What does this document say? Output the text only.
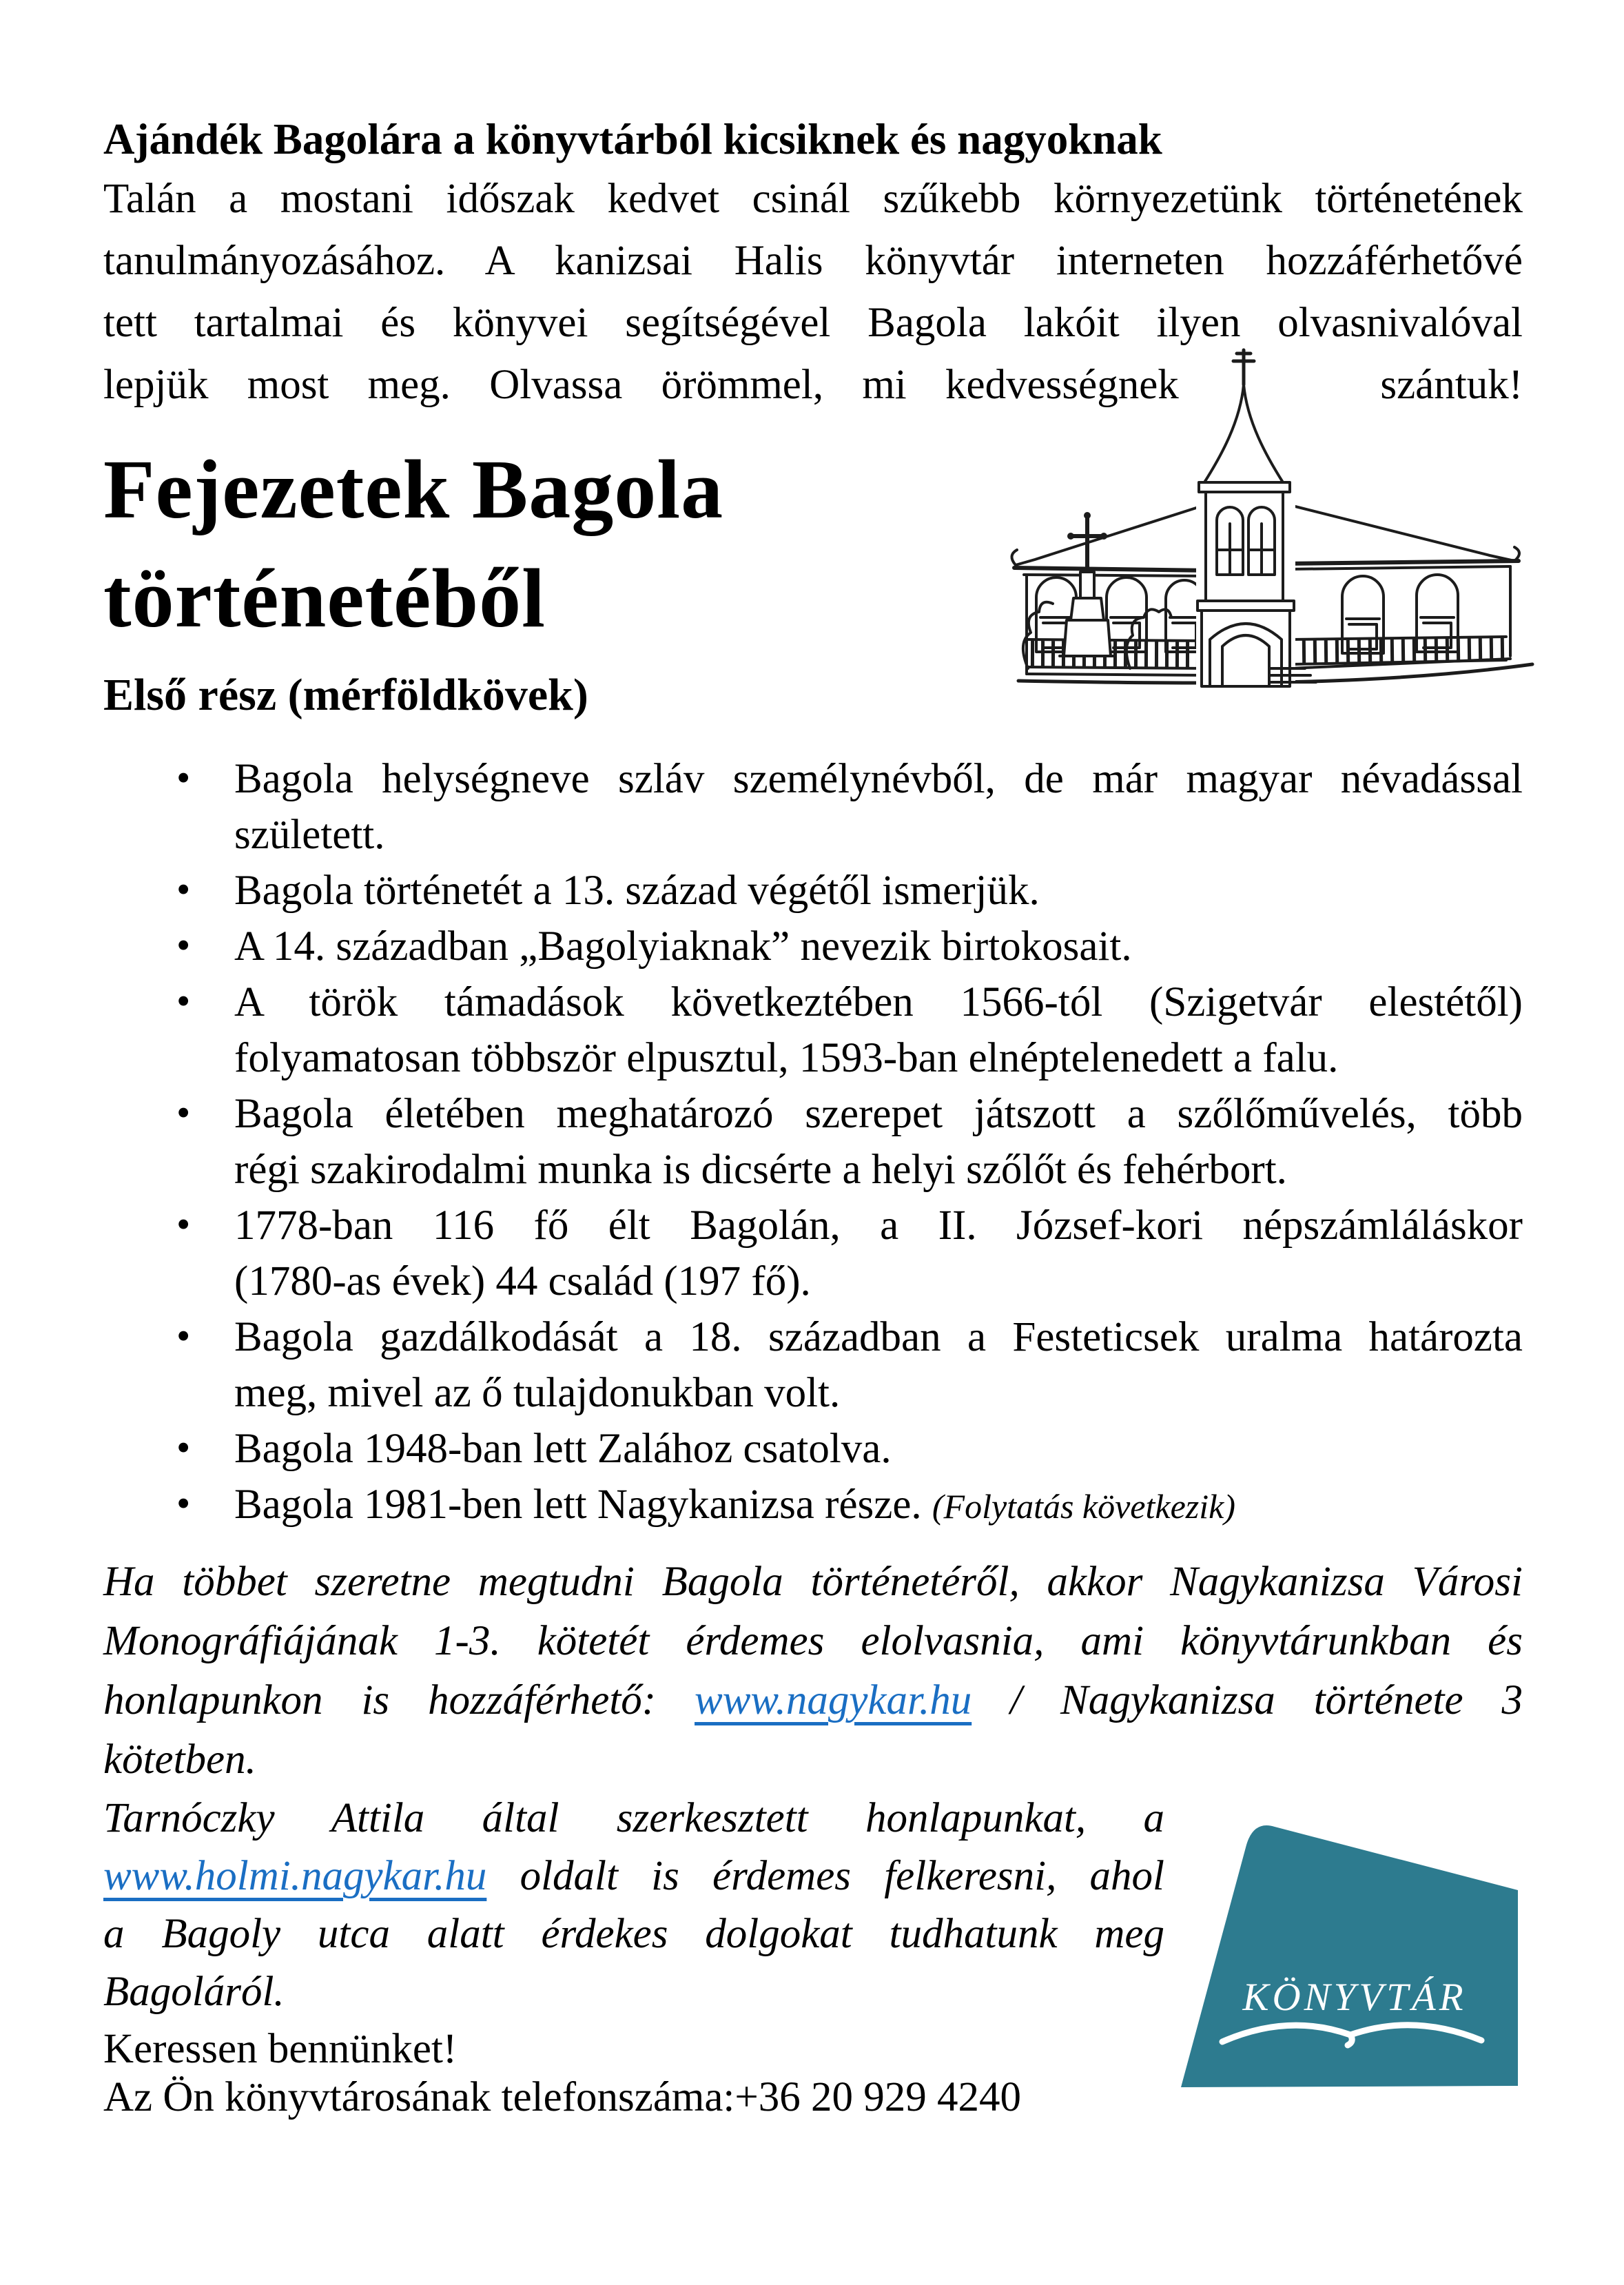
Ajándék Bagolára a könyvtárból kicsiknek és nagyoknak
Talán a mostani időszak kedvet csinál szűkebb környezetünk történetének
tanulmányozásához. A kanizsai Halis könyvtár interneten hozzáférhetővé
tett tartalmai és könyvei segítségével Bagola lakóit ilyen olvasnivalóval
lepjük most meg. Olvassa örömmel, mi kedvességnek	szántuk!
Fejezetek Bagola
történetéből
Első rész (mérföldkövek)
• Bagola helységneve szláv személynévből, de már magyar névadással
született.
• Bagola történetét a 13. század végétől ismerjük.
• A 14. században „Bagolyiaknak” nevezik birtokosait.
• A török támadások következtében 1566-tól (Szigetvár elestétől)
folyamatosan többször elpusztul, 1593-ban elnéptelenedett a falu.
• Bagola életében meghatározó szerepet játszott a szőlőművelés, több
régi szakirodalmi munka is dicsérte a helyi szőlőt és fehérbort.
• 1778-ban 116 fő élt Bagolán, a II. József-kori népszámláláskor
(1780-as évek) 44 család (197 fő).
• Bagola gazdálkodását a 18. században a Festeticsek uralma határozta
meg, mivel az ő tulajdonukban volt.
• Bagola 1948-ban lett Zalához csatolva.
• Bagola 1981-ben lett Nagykanizsa része. (Folytatás következik)
Ha többet szeretne megtudni Bagola történetéről, akkor Nagykanizsa Városi
Monográfiájának 1-3. kötetét érdemes elolvasnia, ami könyvtárunkban és
honlapunkon is hozzáférhető: www.nagykar.hu / Nagykanizsa története 3
kötetben.
KÖNYVTÁR
Tarnóczky Attila által szerkesztett honlapunkat, a
www.holmi.nagykar.hu oldalt is érdemes felkeresni, ahol
a Bagoly utca alatt érdekes dolgokat tudhatunk meg
Bagoláról.
Keressen bennünket!
Az Ön könyvtárosának telefonszáma:+36 20 929 4240
